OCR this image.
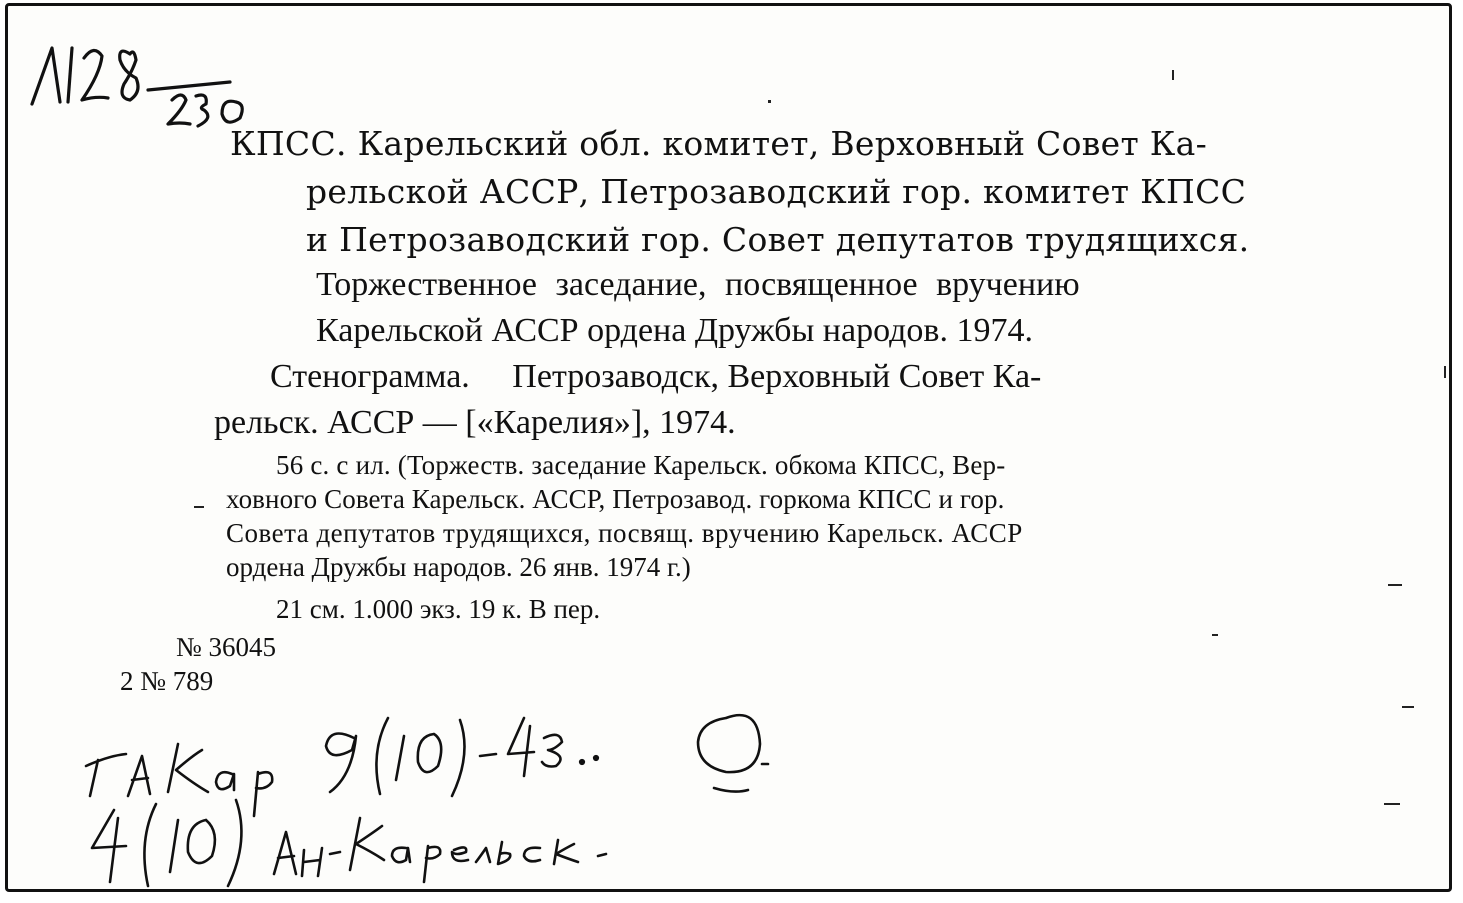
КПСС. Карельский обл. комитет, Верховный Совет Ка-
рельской АССР, Петрозаводский гор. комитет КПСС
и Петрозаводский гор. Совет депутатов трудящихся.
Торжественное заседание, посвященное вручению
Карельской АССР ордена Дружбы народов. 1974.
Стенограмма.     Петрозаводск, Верховный Совет Ка-
рельск. АССР — [«Карелия»], 1974.
56 с. с ил. (Торжеств. заседание Карельск. обкома КПСС, Вер-
ховного Совета Карельск. АССР, Петрозавод. горкома КПСС и гор.
Совета депутатов трудящихся, посвящ. вручению Карельск. АССР
ордена Дружбы народов. 26 янв. 1974 г.)
21 см. 1.000 экз. 19 к. В пер.
№ 36045
2 № 789
